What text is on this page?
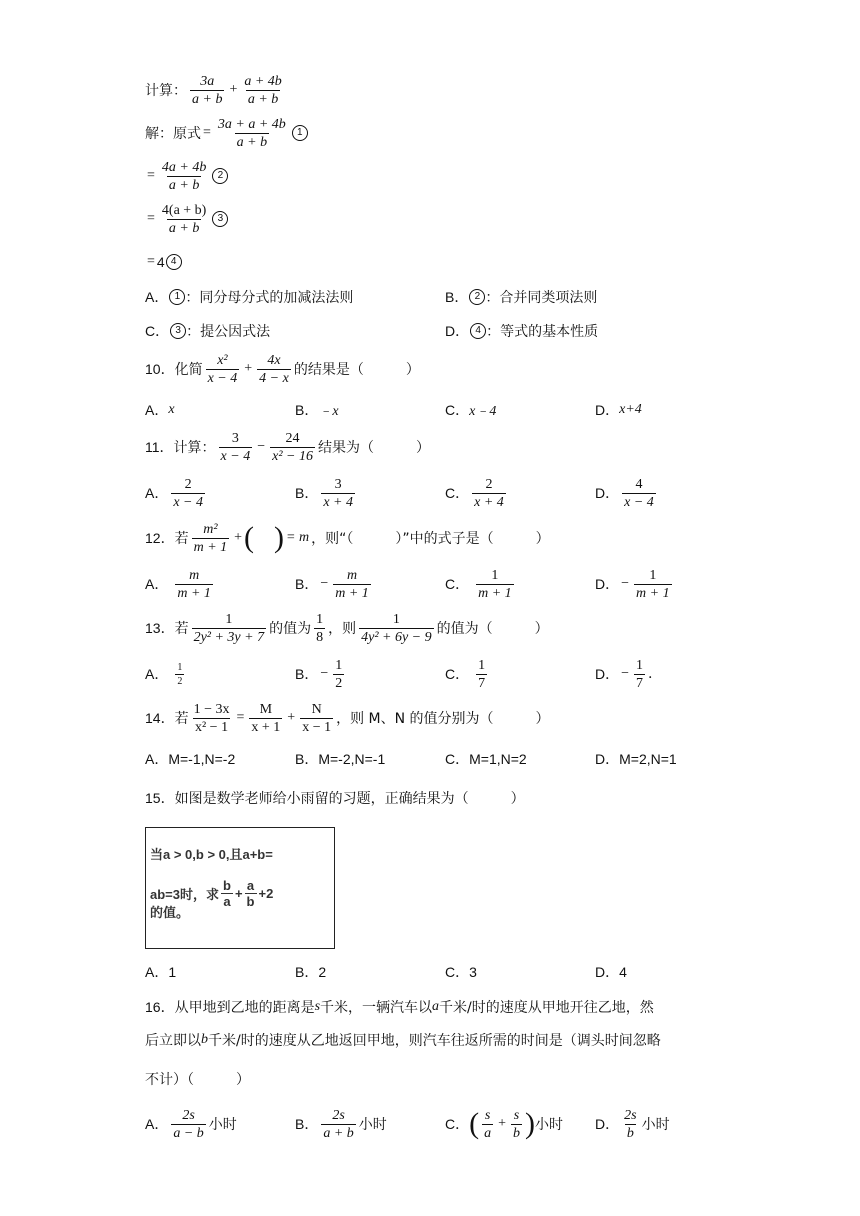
计算： $\frac{3a}{a + b} + \frac{a + 4b}{a + b}$
解：原式 = $\frac{3a + a + 4b}{a + b} 1$
= $\frac{4a + 4b}{a + b} 2$
= $\frac{4(a + b)}{a + b} 3$
= 4 4
A． 1 ：同分母分式的加减法法则	B． 2 ：合并同类项法则
C． 3 ：提公因式法	D． 4 ：等式的基本性质
10． 化简 $\frac{\text{x²}}{x - 4} + \frac{4x}{4 - x}$ 的结果是（　　　）
A． x	B． ﹣x	C． x﹣4	D． x+4
11． 计算： $\frac{3}{x - 4} - \frac{24}{\text{x² − 16}}$ 结果为（　　　）
A． $\frac{2}{x - 4}$	B． $\frac{3}{x + 4}$	C． $\frac{2}{x + 4}$	D． $\frac{4}{x - 4}$
12． 若 $\frac{\text{m²}}{m + 1}$ + ( ) = m ，则“（　　　）”中的式子是（　　　）
A． $\frac{m}{m + 1}$	B． − $\frac{m}{m + 1}$	C． $\frac{1}{m + 1}$	D． − $\frac{1}{m + 1}$
13． 若 $\frac{1}{\text{2y² + 3y + 7}}$ 的值为 $\frac{1}{8}$ ，则 $\frac{1}{\text{4y² + 6y − 9}}$ 的值为（　　　）
A． $\frac{1}{2}$	B． − $\frac{1}{2}$	C． $\frac{1}{7}$	D． − $\frac{1}{7}$ .
14． 若 $\frac{1 - 3x}{\text{x² − 1}} = \frac{M}{x + 1} + \frac{N}{x - 1}$ ，则 M、N 的值分别为（　　　）
A． M=-1,N=-2	B． M=-2,N=-1	C． M=1,N=2	D． M=2,N=1
15． 如图是数学老师给小雨留的习题，正确结果为（　　　）
当a > 0,b > 0,且a+b=
ab=3时，求 $\frac{b}{a} + \frac{a}{b} +2$
的值。
A． 1	B． 2	C． 3	D． 4
16． 从甲地到乙地的距离是 s 千米，一辆汽车以 a 千米/时的速度从甲地开往乙地，然
后立即以 b 千米/时的速度从乙地返回甲地，则汽车往返所需的时间是（调头时间忽略
不计）（　　　）
A． $\frac{2s}{a - b}$ 小时	B． $\frac{2s}{a + b}$ 小时	C． ( $\frac{s}{a} + \frac{s}{b}$ ) 小时 D． $\frac{2s}{b}$ 小时
